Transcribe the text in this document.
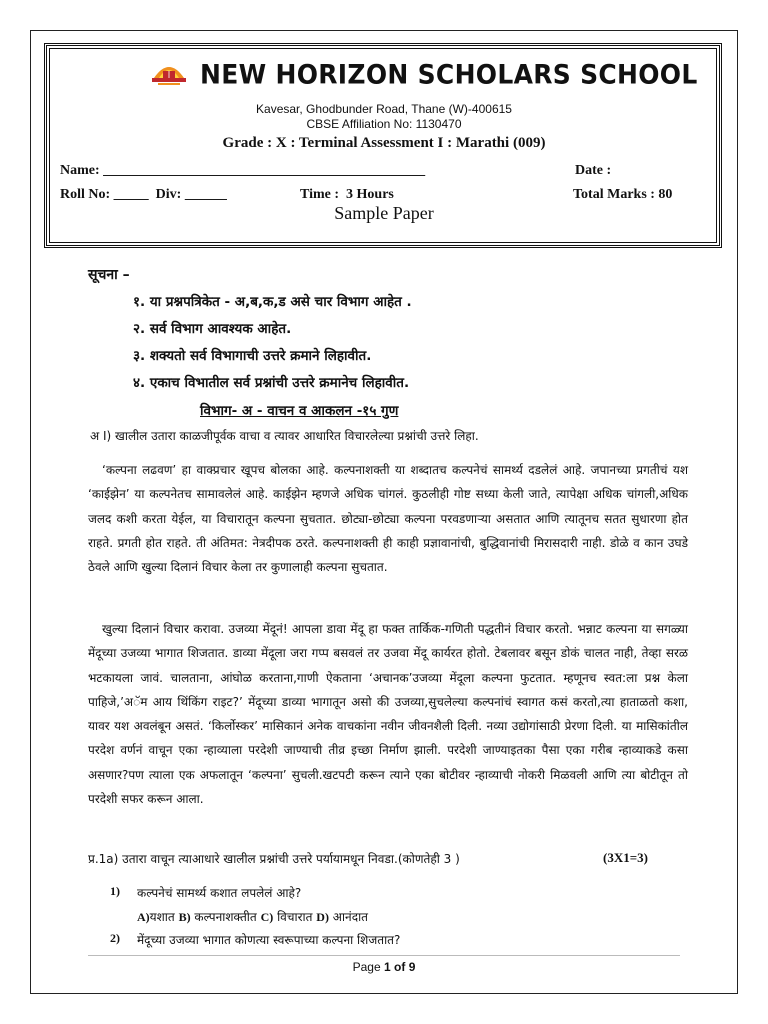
NEW HORIZON SCHOLARS SCHOOL
Kavesar, Ghodbunder Road, Thane (W)-400615
CBSE Affiliation No: 1130470
Grade : X : Terminal Assessment I : Marathi (009)
Name: ______________________________________________	Date :
Roll No: _____  Div: ______	Time :  3 Hours	Total Marks : 80
Sample Paper
सूचना –
१. या प्रश्नपत्रिकेत - अ,ब,क,ड असे चार विभाग आहेत .
२. सर्व विभाग आवश्यक आहेत.
३. शक्यतो सर्व विभागाची उत्तरे क्रमाने लिहावीत.
४. एकाच विभातील सर्व प्रश्नांची उत्तरे क्रमानेच लिहावीत.
विभाग- अ - वाचन व आकलन -१५ गुण
अ I) खालील उतारा काळजीपूर्वक वाचा व त्यावर आधारित विचारलेल्या प्रश्नांची उत्तरे लिहा.
‘कल्पना लढवण’ हा वाक्प्रचार खूपच बोलका आहे. कल्पनाशक्ती या शब्दातच कल्पनेचं सामर्थ्य दडलेलं आहे. जपानच्या प्रगतीचं यश ‘काईझेन’ या कल्पनेतच सामावलेलं आहे. काईझेन म्हणजे अधिक चांगलं. कुठलीही गोष्ट सध्या केली जाते, त्यापेक्षा अधिक चांगली,अधिक जलद कशी करता येईल, या विचारातून कल्पना सुचतात. छोट्या-छोट्या कल्पना परवडणाऱ्या असतात आणि त्यातूनच सतत सुधारणा होत राहते. प्रगती होत राहते. ती अंतिमत: नेत्रदीपक ठरते. कल्पनाशक्ती ही काही प्रज्ञावानांची, बुद्धिवानांची मिरासदारी नाही. डोळे व कान उघडे ठेवले आणि खुल्या दिलानं विचार केला तर कुणालाही कल्पना सुचतात.
खुल्या दिलानं विचार करावा. उजव्या मेंदूनं! आपला डावा मेंदू हा फक्त तार्किक-गणिती पद्धतीनं विचार करतो. भन्नाट कल्पना या सगळ्या मेंदूच्या उजव्या भागात शिजतात. डाव्या मेंदूला जरा गप्प बसवलं तर उजवा मेंदू कार्यरत होतो. टेबलावर बसून डोकं चालत नाही, तेव्हा सरळ भटकायला जावं. चालताना, आंघोळ करताना,गाणी ऐकताना ‘अचानक’उजव्या मेंदूला कल्पना फुटतात. म्हणूनच स्वत:ला प्रश्न केला पाहिजे,’अॅम आय थिंकिंग राइट?’ मेंदूच्या डाव्या भागातून असो की उजव्या,सुचलेल्या कल्पनांचं स्वागत कसं करतो,त्या हाताळतो कशा, यावर यश अवलंबून असतं. ‘किर्लोस्कर’ मासिकानं अनेक वाचकांना नवीन जीवनशैली दिली. नव्या उद्योगांसाठी प्रेरणा दिली. या मासिकांतील परदेश वर्णनं वाचून एका न्हाव्याला परदेशी जाण्याची तीव्र इच्छा निर्माण झाली. परदेशी जाण्याइतका पैसा एका गरीब न्हाव्याकडे कसा असणार?पण त्याला एक अफलातून ‘कल्पना’ सुचली.खटपटी करून त्याने एका बोटीवर न्हाव्याची नोकरी मिळवली आणि त्या बोटीतून तो परदेशी सफर करून आला.
प्र.1a) उतारा वाचून त्याआधारे खालील प्रश्नांची उत्तरे पर्यायामधून निवडा.(कोणतेही 3 )	(3X1=3)
1) कल्पनेचं सामर्थ्य कशात लपलेलं आहे?
A)यशात B) कल्पनाशक्तीत C) विचारात D) आनंदात
2) मेंदूच्या उजव्या भागात कोणत्या स्वरूपाच्या कल्पना शिजतात?
Page 1 of 9
